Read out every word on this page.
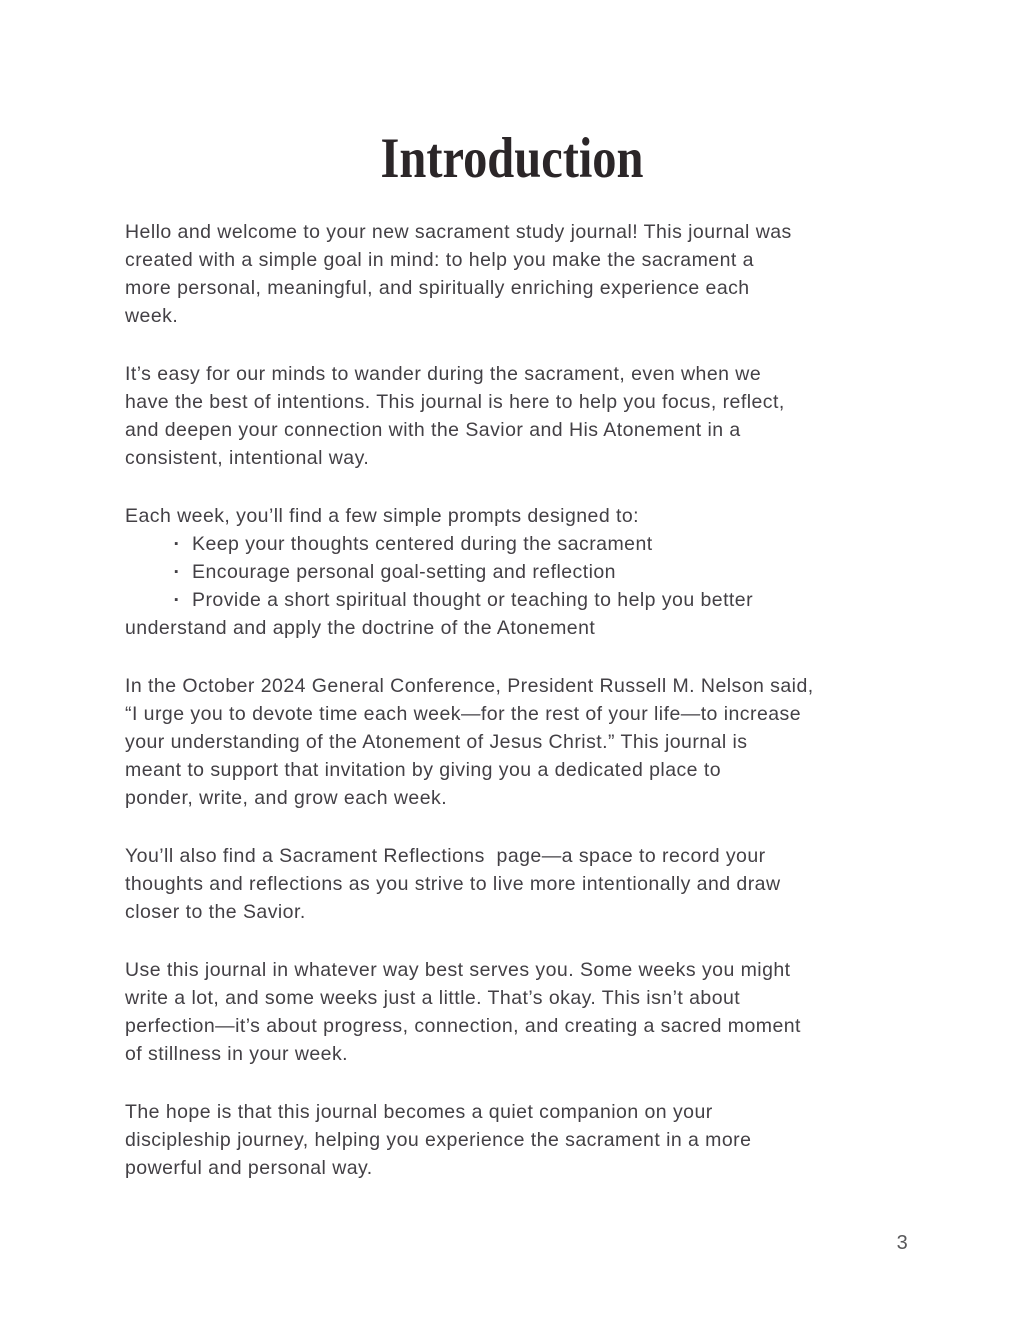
Introduction
Hello and welcome to your new sacrament study journal! This journal was
created with a simple goal in mind: to help you make the sacrament a
more personal, meaningful, and spiritually enriching experience each
week.
It’s easy for our minds to wander during the sacrament, even when we
have the best of intentions. This journal is here to help you focus, reflect,
and deepen your connection with the Savior and His Atonement in a
consistent, intentional way.
Each week, you’ll find a few simple prompts designed to:
· Keep your thoughts centered during the sacrament
· Encourage personal goal-setting and reflection
· Provide a short spiritual thought or teaching to help you better
understand and apply the doctrine of the Atonement
In the October 2024 General Conference, President Russell M. Nelson said,
“I urge you to devote time each week—for the rest of your life—to increase
your understanding of the Atonement of Jesus Christ.” This journal is
meant to support that invitation by giving you a dedicated place to
ponder, write, and grow each week.
You’ll also find a Sacrament Reflections  page—a space to record your
thoughts and reflections as you strive to live more intentionally and draw
closer to the Savior.
Use this journal in whatever way best serves you. Some weeks you might
write a lot, and some weeks just a little. That’s okay. This isn’t about
perfection—it’s about progress, connection, and creating a sacred moment
of stillness in your week.
The hope is that this journal becomes a quiet companion on your
discipleship journey, helping you experience the sacrament in a more
powerful and personal way.
3
